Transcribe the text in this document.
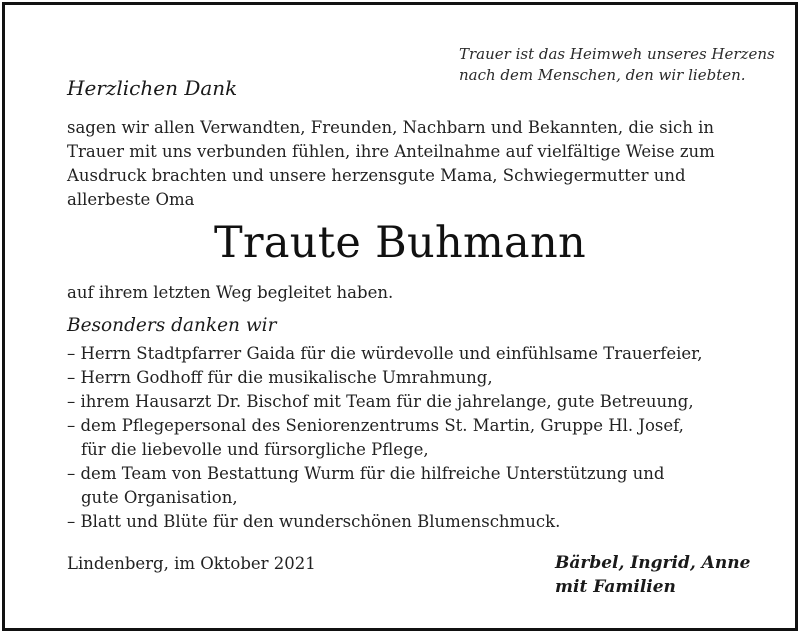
Trauer ist das Heimweh unseres Herzens
nach dem Menschen, den wir liebten.
Herzlichen Dank
sagen wir allen Verwandten, Freunden, Nachbarn und Bekannten, die sich in
Trauer mit uns verbunden fühlen, ihre Anteilnahme auf vielfältige Weise zum
Ausdruck brachten und unsere herzensgute Mama, Schwiegermutter und
allerbeste Oma
Traute Buhmann
auf ihrem letzten Weg begleitet haben.
Besonders danken wir
– Herrn Stadtpfarrer Gaida für die würdevolle und einfühlsame Trauerfeier,
– Herrn Godhoff für die musikalische Umrahmung,
– ihrem Hausarzt Dr. Bischof mit Team für die jahrelange, gute Betreuung,
– dem Pflegepersonal des Seniorenzentrums St. Martin, Gruppe Hl. Josef,
für die liebevolle und fürsorgliche Pflege,
– dem Team von Bestattung Wurm für die hilfreiche Unterstützung und
gute Organisation,
– Blatt und Blüte für den wunderschönen Blumenschmuck.
Lindenberg, im Oktober 2021	Bärbel, Ingrid, Anne
mit Familien
